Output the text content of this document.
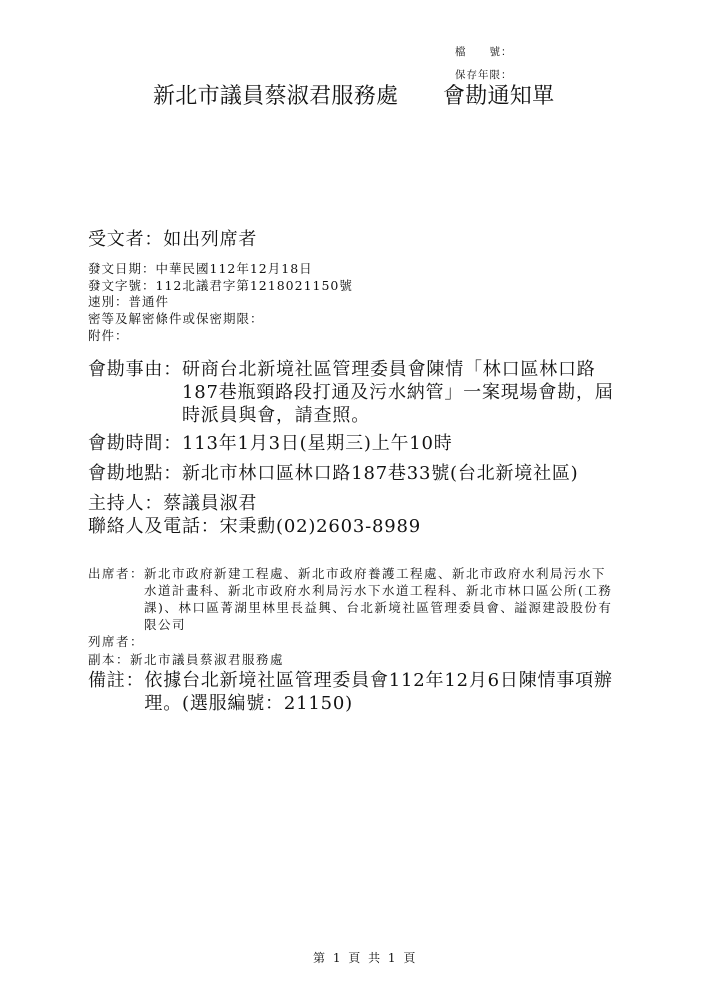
檔　　號：
保存年限：
新北市議員蔡淑君服務處　　會勘通知單
受文者：如出列席者
發文日期：中華民國112年12月18日
發文字號：112北議君字第1218021150號
速別：普通件
密等及解密條件或保密期限：
附件：
會勘事由： 研商台北新境社區管理委員會陳情「林口區林口路
187巷瓶頸路段打通及污水納管」一案現場會勘，屆
時派員與會，請查照。
會勘時間：113年1月3日(星期三)上午10時
會勘地點：新北市林口區林口路187巷33號(台北新境社區)
主持人：蔡議員淑君
聯絡人及電話：宋秉勳(02)2603-8989
出席者： 新北市政府新建工程處、新北市政府養護工程處、新北市政府水利局污水下
水道計畫科、新北市政府水利局污水下水道工程科、新北市林口區公所(工務
課)、林口區菁湖里林里長益興、台北新境社區管理委員會、謚源建設股份有
限公司
列席者：
副本：新北市議員蔡淑君服務處
備註： 依據台北新境社區管理委員會112年12月6日陳情事項辦
理。(選服編號：21150)
第 1 頁 共 1 頁
